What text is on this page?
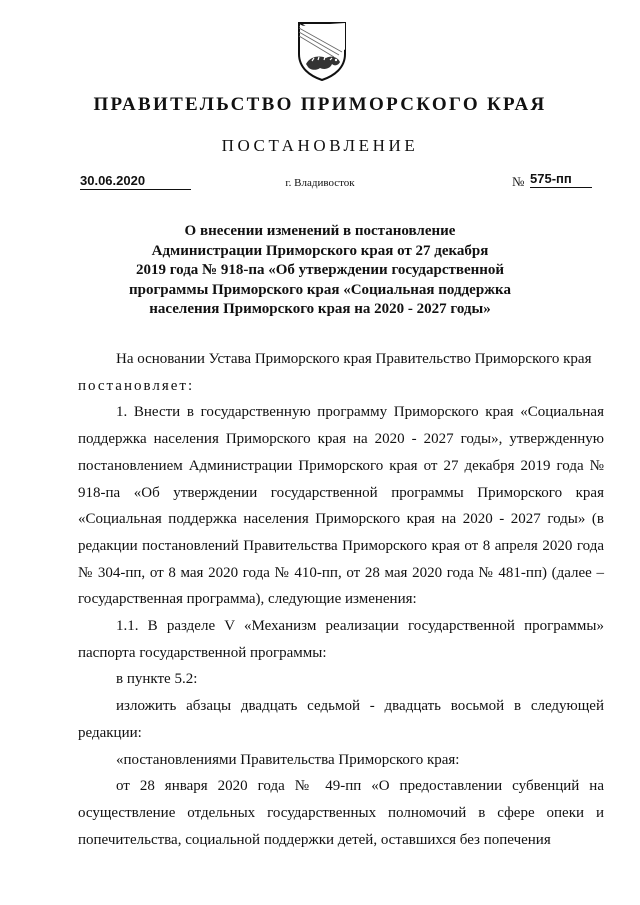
ПРАВИТЕЛЬСТВО ПРИМОРСКОГО КРАЯ
ПОСТАНОВЛЕНИЕ
30.06.2020	г. Владивосток	№ 575-пп
О внесении изменений в постановление
Администрации Приморского края от 27 декабря
2019 года № 918-па «Об утверждении государственной
программы Приморского края «Социальная поддержка
населения Приморского края на 2020 - 2027 годы»

На основании Устава Приморского края Правительство Приморского края

постановляет:

1. Внести в государственную программу Приморского края «Социальная поддержка населения Приморского края на 2020 - 2027 годы», утвержденную постановлением Администрации Приморского края от 27 декабря 2019 года № 918-па «Об утверждении государственной программы Приморского края «Социальная поддержка населения Приморского края на 2020 - 2027 годы» (в редакции постановлений Правительства Приморского края от 8 апреля 2020 года № 304-пп, от 8 мая 2020 года № 410-пп, от 28 мая 2020 года № 481-пп) (далее – государственная программа), следующие изменения:

1.1. В разделе V «Механизм реализации государственной программы» паспорта государственной программы:

в пункте 5.2:

изложить абзацы двадцать седьмой - двадцать восьмой в следующей редакции:

«постановлениями Правительства Приморского края:

от 28 января 2020 года № 49-пп «О предоставлении субвенций на осуществление отдельных государственных полномочий в сфере опеки и попечительства, социальной поддержки детей, оставшихся без попечения
